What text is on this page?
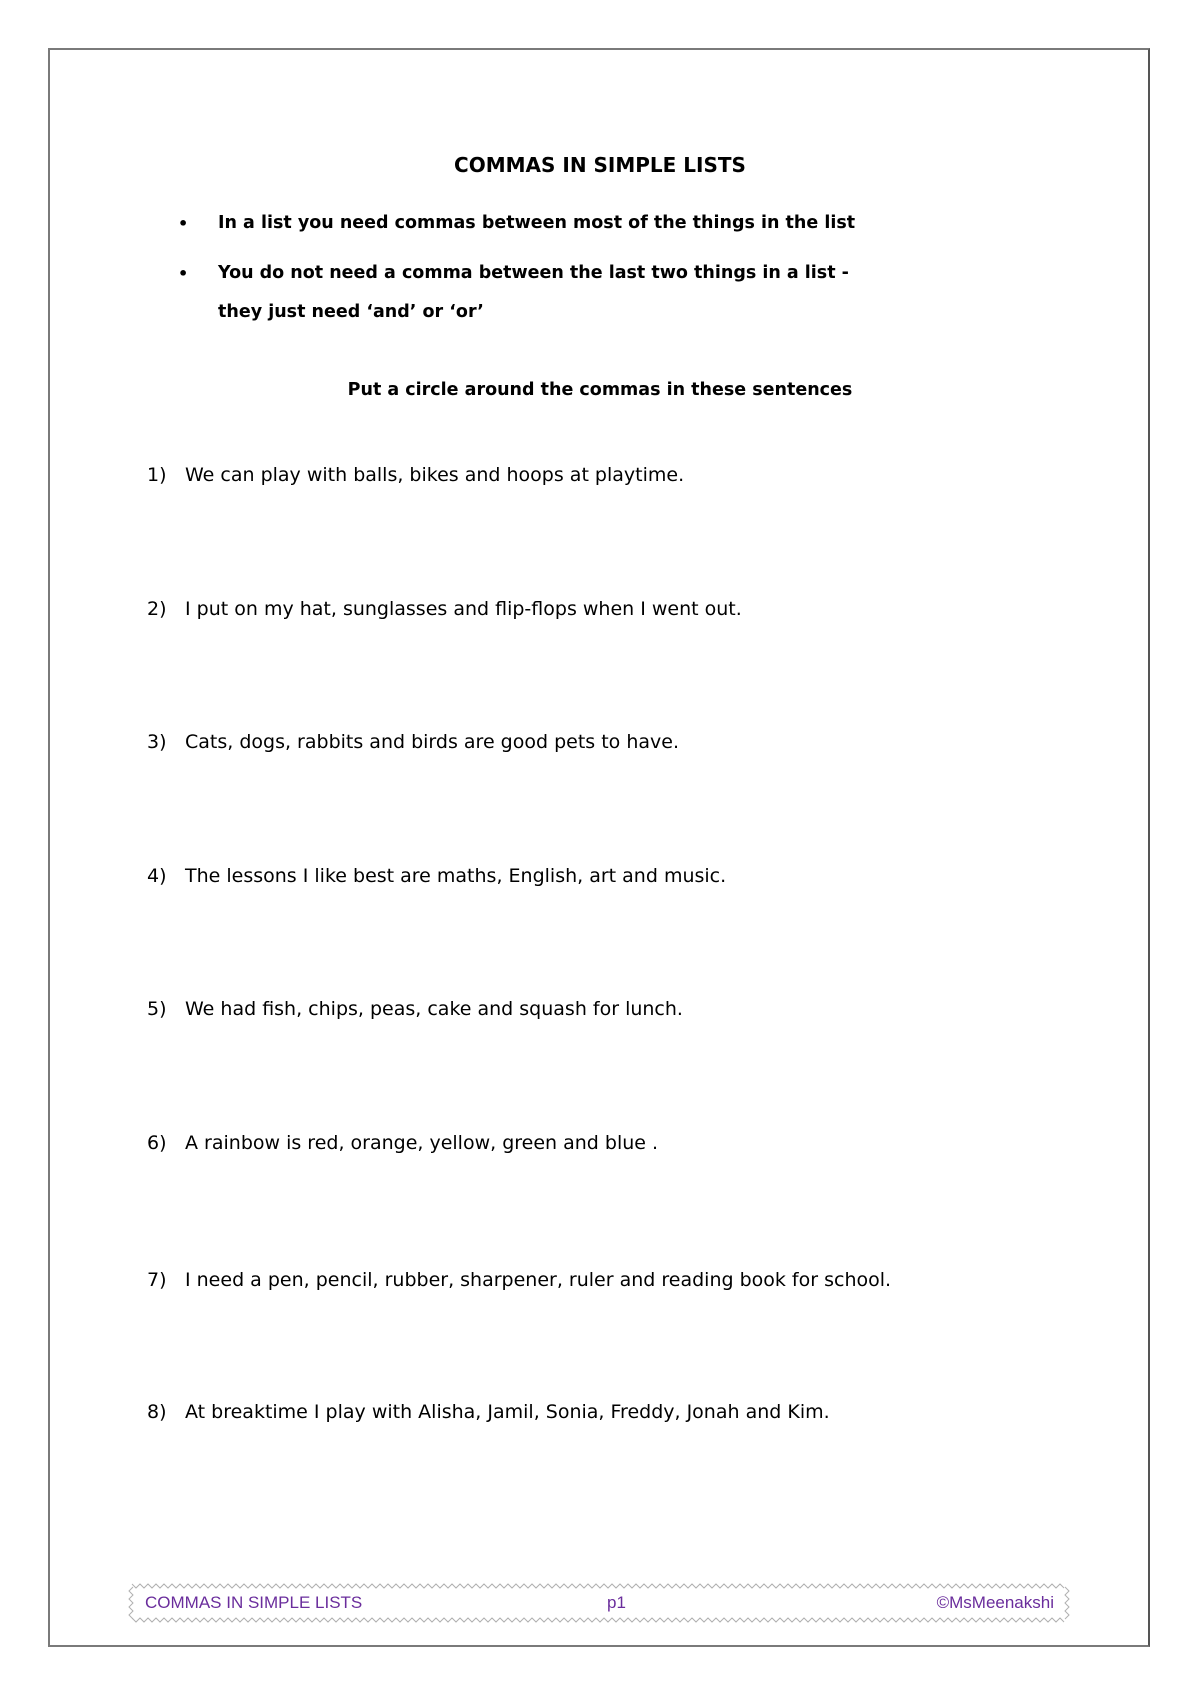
COMMAS IN SIMPLE LISTS
• In a list you need commas between most of the things in the list
• You do not need a comma between the last two things in a list -
they just need ‘and’ or ‘or’
Put a circle around the commas in these sentences
1) We can play with balls, bikes and hoops at playtime.
2) I put on my hat, sunglasses and flip-flops when I went out.
3) Cats, dogs, rabbits and birds are good pets to have.
4) The lessons I like best are maths, English, art and music.
5) We had fish, chips, peas, cake and squash for lunch.
6) A rainbow is red, orange, yellow, green and blue .
7) I need a pen, pencil, rubber, sharpener, ruler and reading book for school.
8) At breaktime I play with Alisha, Jamil, Sonia, Freddy, Jonah and Kim.
COMMAS IN SIMPLE LISTS	p1	©MsMeenakshi
